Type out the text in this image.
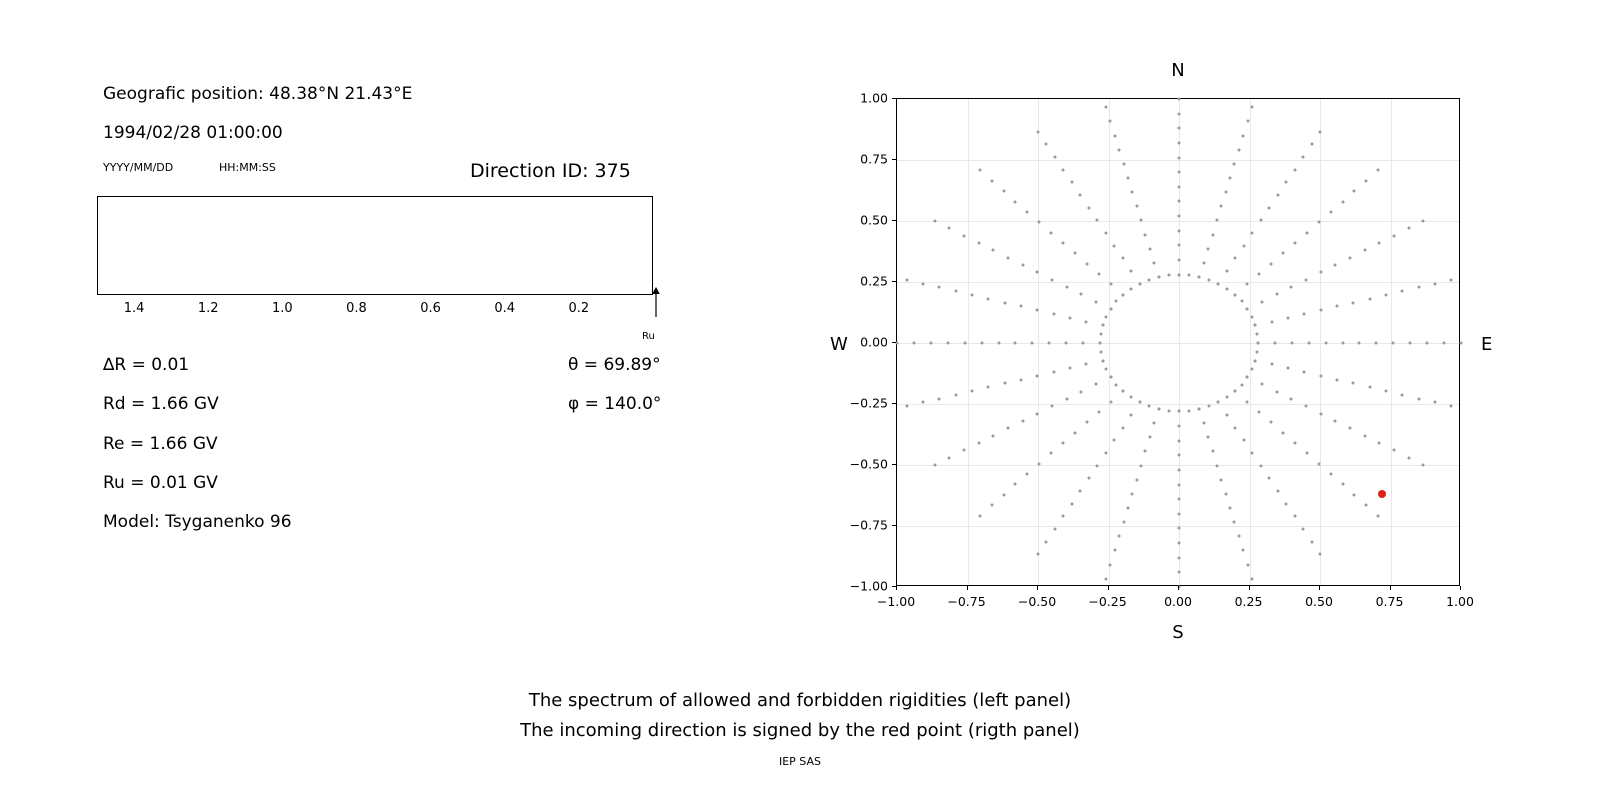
Geografic position: 48.38°N 21.43°E
1994/02/28 01:00:00
YYYY/MM/DD	HH:MM:SS	Direction ID: 375
1.4	1.2	1.0	0.8	0.6	0.4	0.2
Ru
∆R = 0.01
Rd = 1.66 GV
Re = 1.66 GV
Ru = 0.01 GV
Model: Tsyganenko 96
θ = 69.89°
φ = 140.0°
N
S
W	E
−1.00	−0.75	−0.50	−0.25	0.00	0.25	0.50	0.75	1.00
−1.00
−0.75
−0.50
−0.25
0.00
0.25
0.50
0.75
1.00
The spectrum of allowed and forbidden rigidities (left panel)
The incoming direction is signed by the red point (rigth panel)
IEP SAS
